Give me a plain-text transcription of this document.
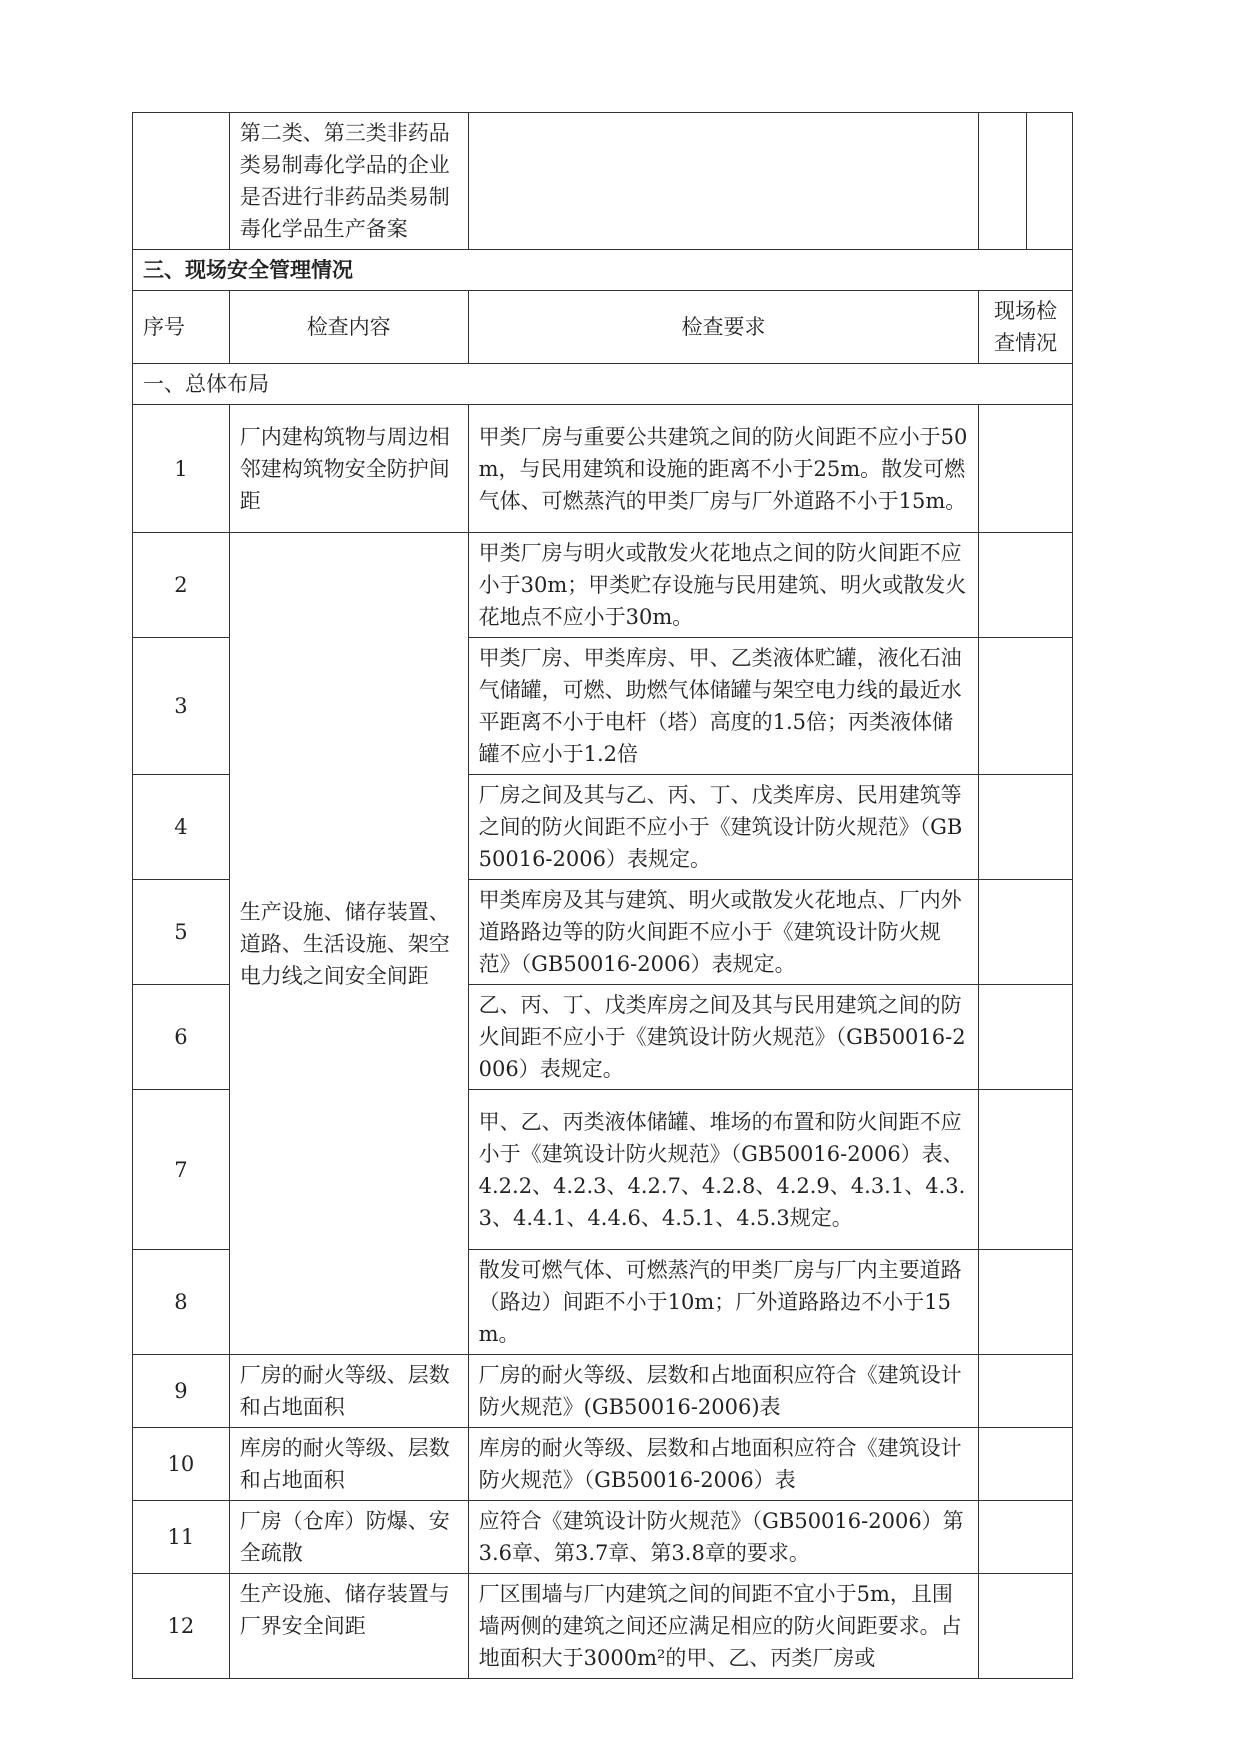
	第二类、第三类非药品类易制毒化学品的企业是否进行非药品类易制毒化学品生产备案			
三、现场安全管理情况				
序号	检查内容	检查要求	现场检查情况	
一、总体布局				
1	厂内建构筑物与周边相邻建构筑物安全防护间距	甲类厂房与重要公共建筑之间的防火间距不应小于50m，与民用建筑和设施的距离不小于25m。散发可燃气体、可燃蒸汽的甲类厂房与厂外道路不小于15m。		
2	生产设施、储存装置、道路、生活设施、架空电力线之间安全间距	甲类厂房与明火或散发火花地点之间的防火间距不应小于30m；甲类贮存设施与民用建筑、明火或散发火花地点不应小于30m。		
3		甲类厂房、甲类库房、甲、乙类液体贮罐，液化石油气储罐，可燃、助燃气体储罐与架空电力线的最近水平距离不小于电杆（塔）高度的1.5倍；丙类液体储罐不应小于1.2倍		
4		厂房之间及其与乙、丙、丁、戊类库房、民用建筑等之间的防火间距不应小于《建筑设计防火规范》（GB50016-2006）表规定。		
5		甲类库房及其与建筑、明火或散发火花地点、厂内外道路路边等的防火间距不应小于《建筑设计防火规范》（GB50016-2006）表规定。		
6		乙、丙、丁、戊类库房之间及其与民用建筑之间的防火间距不应小于《建筑设计防火规范》（GB50016-2006）表规定。		
7		甲、乙、丙类液体储罐、堆场的布置和防火间距不应小于《建筑设计防火规范》（GB50016-2006）表、4.2.2、4.2.3、4.2.7、4.2.8、4.2.9、4.3.1、4.3.3、4.4.1、4.4.6、4.5.1、4.5.3规定。		
8		散发可燃气体、可燃蒸汽的甲类厂房与厂内主要道路（路边）间距不小于10m；厂外道路路边不小于15m。		
9	厂房的耐火等级、层数和占地面积	厂房的耐火等级、层数和占地面积应符合《建筑设计防火规范》(GB50016-2006)表		
10	库房的耐火等级、层数和占地面积	库房的耐火等级、层数和占地面积应符合《建筑设计防火规范》（GB50016-2006）表		
11	厂房（仓库）防爆、安全疏散	应符合《建筑设计防火规范》（GB50016-2006）第3.6章、第3.7章、第3.8章的要求。		
12	生产设施、储存装置与厂界安全间距	厂区围墙与厂内建筑之间的间距不宜小于5m，且围墙两侧的建筑之间还应满足相应的防火间距要求。占地面积大于3000m²的甲、乙、丙类厂房或		
